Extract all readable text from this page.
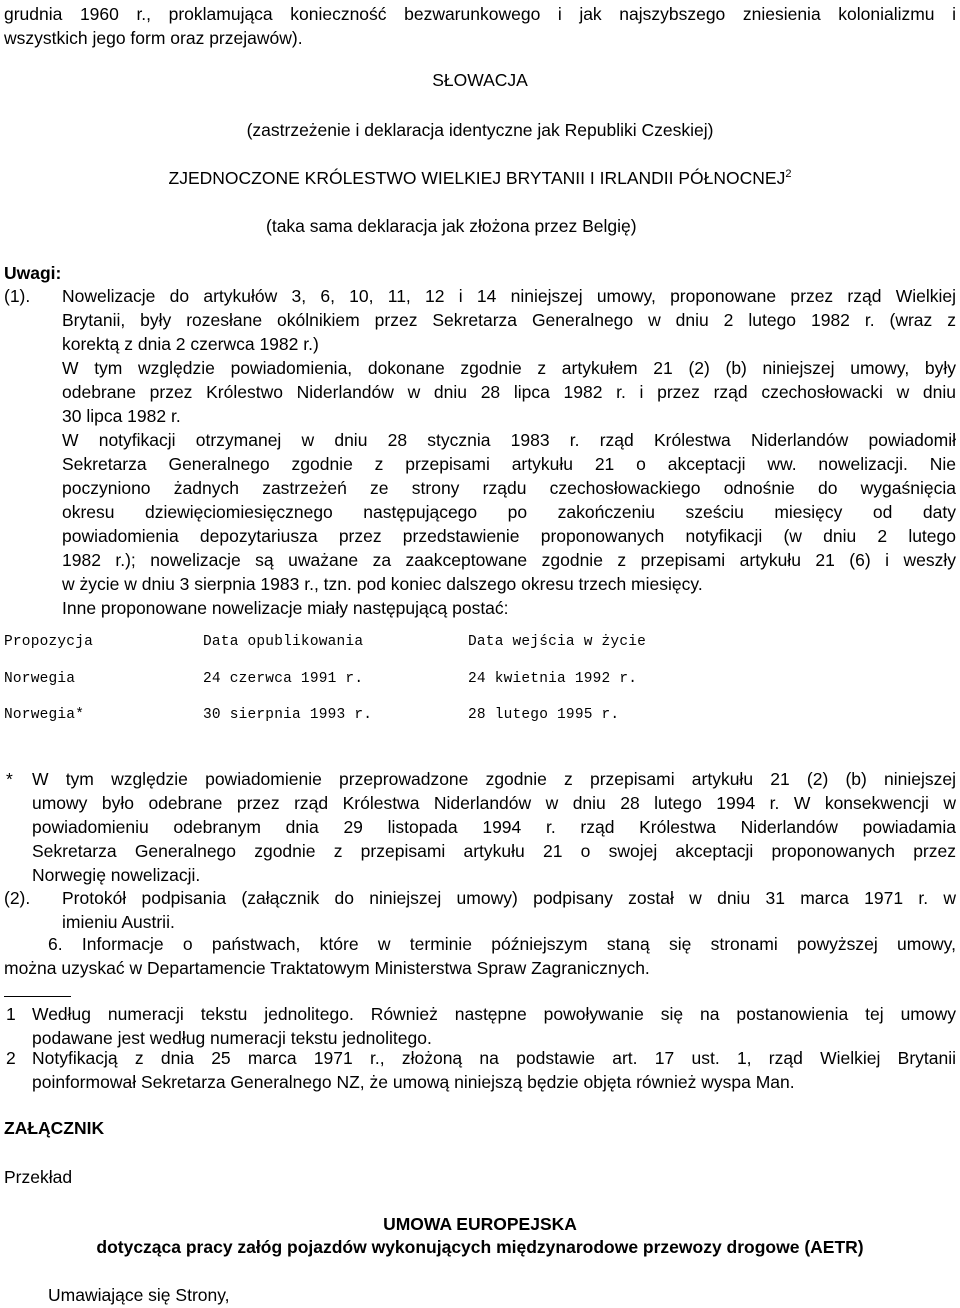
grudnia 1960 r., proklamująca konieczność bezwarunkowego i jak najszybszego zniesienia kolonializmu i
wszystkich jego form oraz przejawów).
SŁOWACJA
(zastrzeżenie i deklaracja identyczne jak Republiki Czeskiej)
ZJEDNOCZONE KRÓLESTWO WIELKIEJ BRYTANII I IRLANDII PÓŁNOCNEJ$^2$
(taka sama deklaracja jak złożona przez Belgię)
Uwagi:
(1). Nowelizacje do artykułów 3, 6, 10, 11, 12 i 14 niniejszej umowy, proponowane przez rząd Wielkiej
Brytanii, były rozesłane okólnikiem przez Sekretarza Generalnego w dniu 2 lutego 1982 r. (wraz z
korektą z dnia 2 czerwca 1982 r.)
W tym względzie powiadomienia, dokonane zgodnie z artykułem 21 (2) (b) niniejszej umowy, były
odebrane przez Królestwo Niderlandów w dniu 28 lipca 1982 r. i przez rząd czechosłowacki w dniu
30 lipca 1982 r.
W notyfikacji otrzymanej w dniu 28 stycznia 1983 r. rząd Królestwa Niderlandów powiadomił
Sekretarza Generalnego zgodnie z przepisami artykułu 21 o akceptacji ww. nowelizacji. Nie
poczyniono żadnych zastrzeżeń ze strony rządu czechosłowackiego odnośnie do wygaśnięcia
okresu dziewięciomiesięcznego następującego po zakończeniu sześciu miesięcy od daty
powiadomienia depozytariusza przez przedstawienie proponowanych notyfikacji (w dniu 2 lutego
1982 r.); nowelizacje są uważane za zaakceptowane zgodnie z przepisami artykułu 21 (6) i weszły
w życie w dniu 3 sierpnia 1983 r., tzn. pod koniec dalszego okresu trzech miesięcy.
Inne proponowane nowelizacje miały następującą postać:
Propozycja	Data opublikowania	Data wejścia w życie
Norwegia	24 czerwca 1991 r.	24 kwietnia 1992 r.
Norwegia*	30 sierpnia 1993 r.	28 lutego 1995 r.
* W tym względzie powiadomienie przeprowadzone zgodnie z przepisami artykułu 21 (2) (b) niniejszej
umowy było odebrane przez rząd Królestwa Niderlandów w dniu 28 lutego 1994 r. W konsekwencji w
powiadomieniu odebranym dnia 29 listopada 1994 r. rząd Królestwa Niderlandów powiadamia
Sekretarza Generalnego zgodnie z przepisami artykułu 21 o swojej akceptacji proponowanych przez
Norwegię nowelizacji.
(2). Protokół podpisania (załącznik do niniejszej umowy) podpisany został w dniu 31 marca 1971 r. w
imieniu Austrii.
6. Informacje o państwach, które w terminie późniejszym staną się stronami powyższej umowy,
można uzyskać w Departamencie Traktatowym Ministerstwa Spraw Zagranicznych.
1 Według numeracji tekstu jednolitego. Również następne powoływanie się na postanowienia tej umowy
podawane jest według numeracji tekstu jednolitego.
2 Notyfikacją z dnia 25 marca 1971 r., złożoną na podstawie art. 17 ust. 1, rząd Wielkiej Brytanii
poinformował Sekretarza Generalnego NZ, że umową niniejszą będzie objęta również wyspa Man.
ZAŁĄCZNIK
Przekład
UMOWA EUROPEJSKA
dotycząca pracy załóg pojazdów wykonujących międzynarodowe przewozy drogowe (AETR)
Umawiające się Strony,
